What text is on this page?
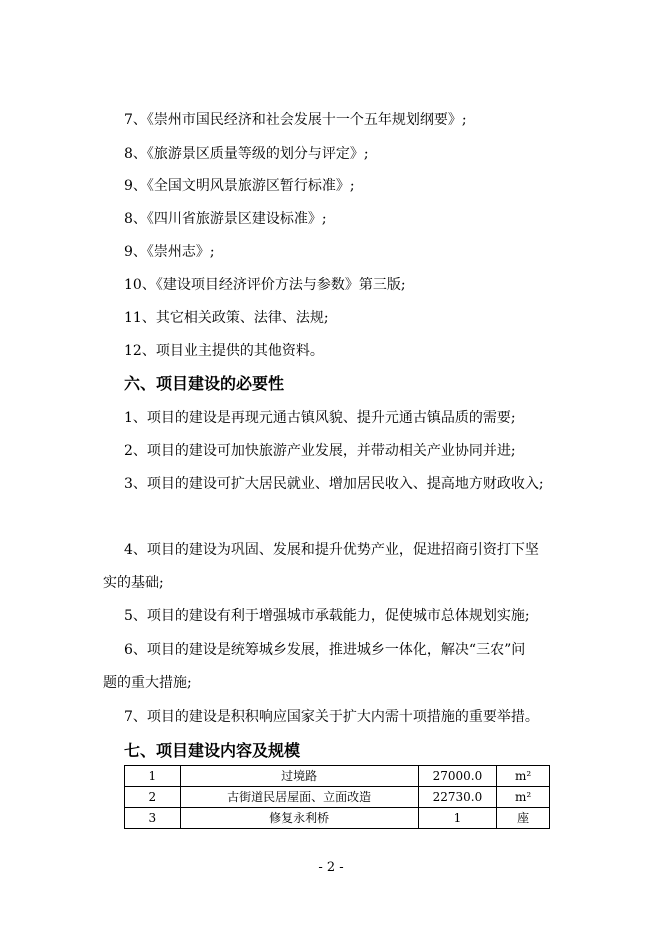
7、《崇州市国民经济和社会发展十一个五年规划纲要》;
8、《旅游景区质量等级的划分与评定》;
9、《全国文明风景旅游区暂行标准》;
8、《四川省旅游景区建设标准》;
9、《崇州志》;
10、《建设项目经济评价方法与参数》第三版;
11、其它相关政策、法律、法规;
12、项目业主提供的其他资料。
六、项目建设的必要性
1、项目的建设是再现元通古镇风貌、提升元通古镇品质的需要;
2、项目的建设可加快旅游产业发展，并带动相关产业协同并进;
3、项目的建设可扩大居民就业、增加居民收入、提高地方财政收入;
4、项目的建设为巩固、发展和提升优势产业，促进招商引资打下坚
实的基础;
5、项目的建设有利于增强城市承载能力，促使城市总体规划实施;
6、项目的建设是统筹城乡发展，推进城乡一体化，解决“三农”问
题的重大措施;
7、项目的建设是积积响应国家关于扩大内需十项措施的重要举措。
七、项目建设内容及规模
1	过境路	27000.0	m²
2	古街道民居屋面、立面改造	22730.0	m²
3	修复永利桥	1	座
- 2 -
